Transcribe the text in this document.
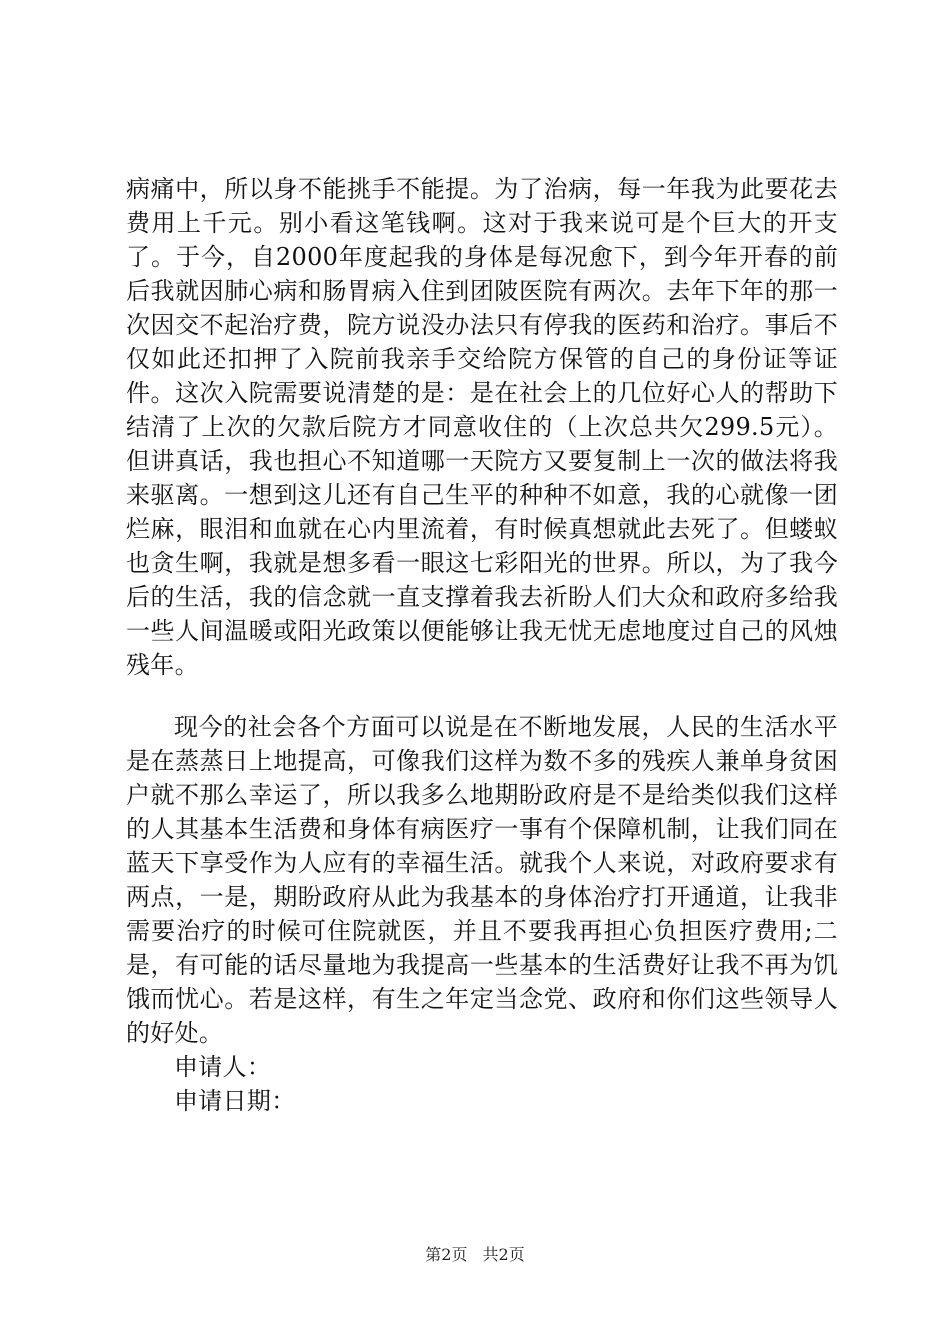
病痛中，所以身不能挑手不能提。为了治病，每一年我为此要花去费用上千元。别小看这笔钱啊。这对于我来说可是个巨大的开支了。于今，自2000年度起我的身体是每况愈下，到今年开春的前后我就因肺心病和肠胃病入住到团陂医院有两次。去年下年的那一次因交不起治疗费，院方说没办法只有停我的医药和治疗。事后不仅如此还扣押了入院前我亲手交给院方保管的自己的身份证等证件。这次入院需要说清楚的是：是在社会上的几位好心人的帮助下结清了上次的欠款后院方才同意收住的（上次总共欠299.5元）。但讲真话，我也担心不知道哪一天院方又要复制上一次的做法将我来驱离。一想到这儿还有自己生平的种种不如意，我的心就像一团烂麻，眼泪和血就在心内里流着，有时候真想就此去死了。但蝼蚁也贪生啊，我就是想多看一眼这七彩阳光的世界。所以，为了我今后的生活，我的信念就一直支撑着我去祈盼人们大众和政府多给我一些人间温暖或阳光政策以便能够让我无忧无虑地度过自己的风烛残年。

现今的社会各个方面可以说是在不断地发展，人民的生活水平是在蒸蒸日上地提高，可像我们这样为数不多的残疾人兼单身贫困户就不那么幸运了，所以我多么地期盼政府是不是给类似我们这样的人其基本生活费和身体有病医疗一事有个保障机制，让我们同在蓝天下享受作为人应有的幸福生活。就我个人来说，对政府要求有两点，一是，期盼政府从此为我基本的身体治疗打开通道，让我非需要治疗的时候可住院就医，并且不要我再担心负担医疗费用;二是，有可能的话尽量地为我提高一些基本的生活费好让我不再为饥饿而忧心。若是这样，有生之年定当念党、政府和你们这些领导人的好处。

申请人：

申请日期：

第2页 共2页
